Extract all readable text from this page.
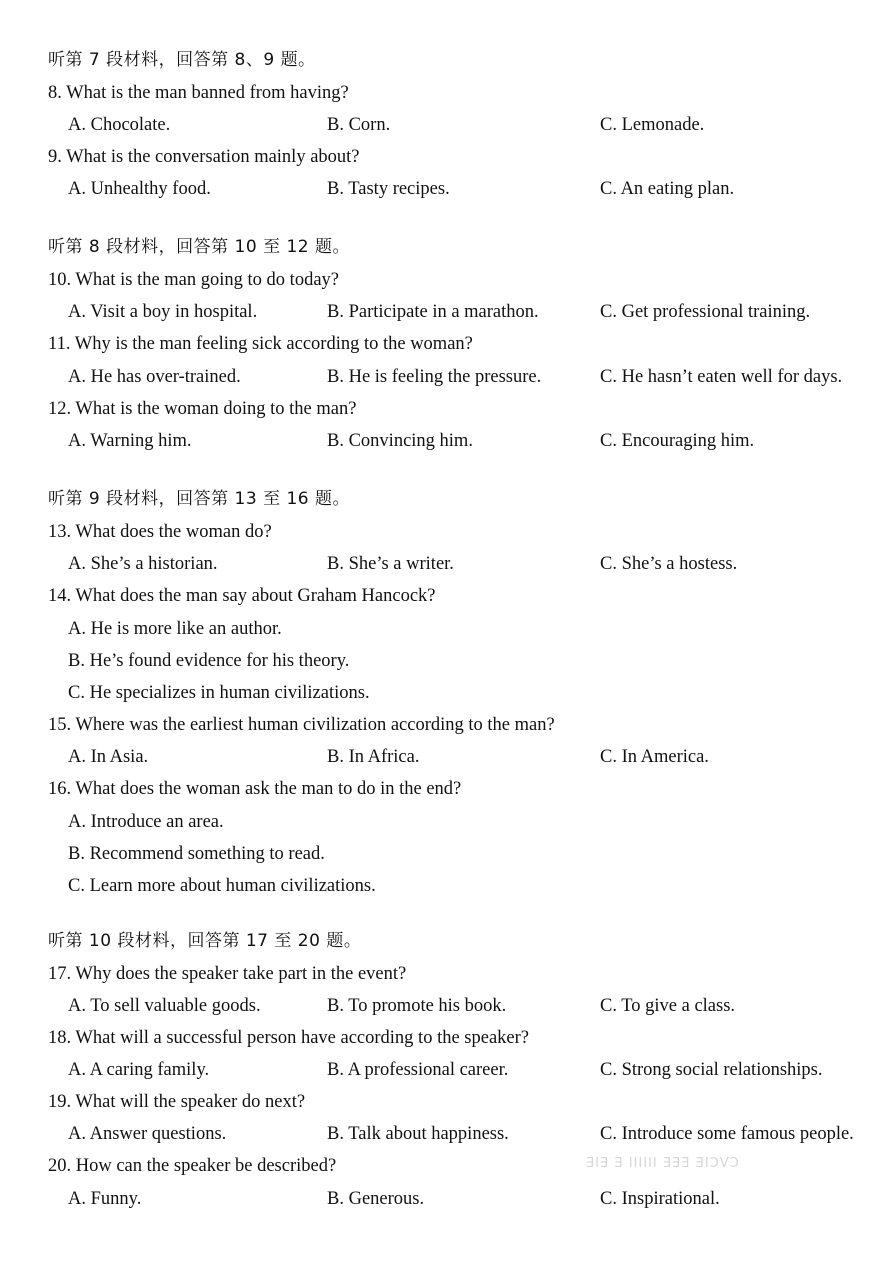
听第 7 段材料，回答第 8、9 题。
8. What is the man banned from having?
A. Chocolate.	B. Corn.	C. Lemonade.
9. What is the conversation mainly about?
A. Unhealthy food.	B. Tasty recipes.	C. An eating plan.
听第 8 段材料，回答第 10 至 12 题。
10. What is the man going to do today?
A. Visit a boy in hospital.	B. Participate in a marathon.	C. Get professional training.
11. Why is the man feeling sick according to the woman?
A. He has over-trained.	B. He is feeling the pressure.	C. He hasn’t eaten well for days.
12. What is the woman doing to the man?
A. Warning him.	B. Convincing him.	C. Encouraging him.
听第 9 段材料，回答第 13 至 16 题。
13. What does the woman do?
A. She’s a historian.	B. She’s a writer.	C. She’s a hostess.
14. What does the man say about Graham Hancock?
A. He is more like an author.
B. He’s found evidence for his theory.
C. He specializes in human civilizations.
15. Where was the earliest human civilization according to the man?
A. In Asia.	B. In Africa.	C. In America.
16. What does the woman ask the man to do in the end?
A. Introduce an area.
B. Recommend something to read.
C. Learn more about human civilizations.
听第 10 段材料，回答第 17 至 20 题。
17. Why does the speaker take part in the event?
A. To sell valuable goods.	B. To promote his book.	C. To give a class.
18. What will a successful person have according to the speaker?
A. A caring family.	B. A professional career.	C. Strong social relationships.
19. What will the speaker do next?
A. Answer questions.	B. Talk about happiness.	C. Introduce some famous people.
20. How can the speaker be described?
A. Funny.	B. Generous.	C. Inspirational.
CVCIE EEE IIIIII E EIE
